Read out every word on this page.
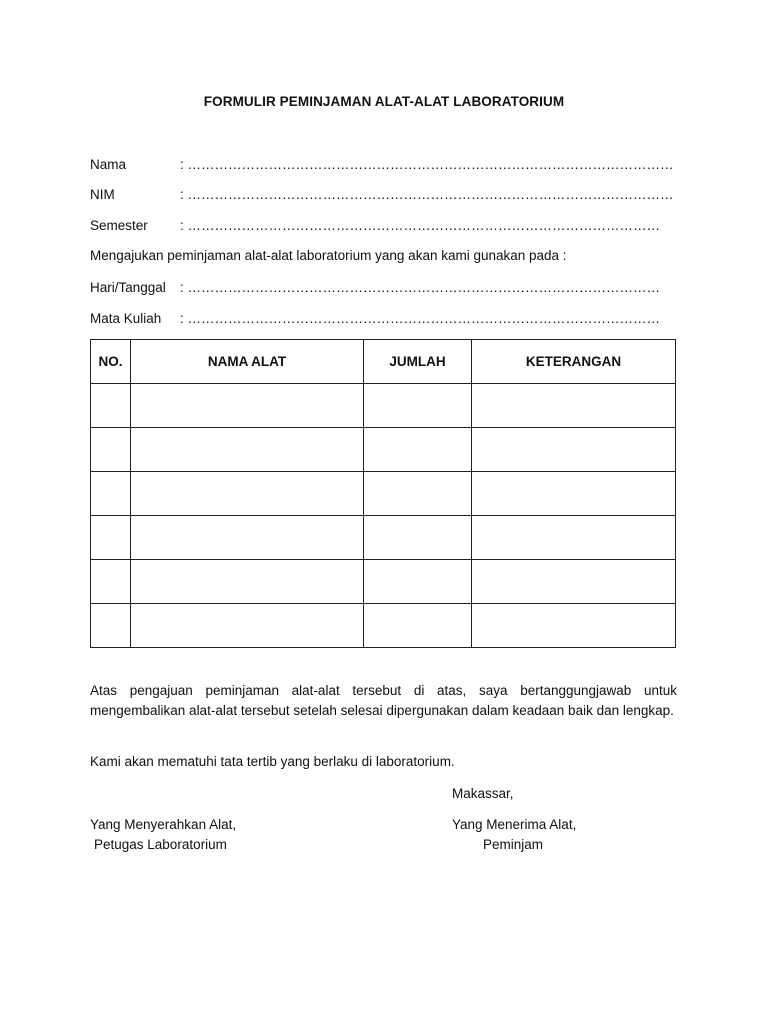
FORMULIR PEMINJAMAN ALAT-ALAT LABORATORIUM
Nama	: ………………………………………………………………………………………………
NIM	: ………………………………………………………………………………………………
Semester : ……………………………………………………………………………………………
Mengajukan peminjaman alat-alat laboratorium yang akan kami gunakan pada :
Hari/Tanggal : ……………………………………………………………………………………………
Mata Kuliah : ……………………………………………………………………………………………
NO.	NAMA ALAT	JUMLAH	KETERANGAN

Atas pengajuan peminjaman alat-alat tersebut di atas, saya bertanggungjawab untuk mengembalikan alat-alat tersebut setelah selesai dipergunakan dalam keadaan baik dan lengkap.
Kami akan mematuhi tata tertib yang berlaku di laboratorium.
Makassar,
Yang Menyerahkan Alat,
Petugas Laboratorium
Yang Menerima Alat,
Peminjam
